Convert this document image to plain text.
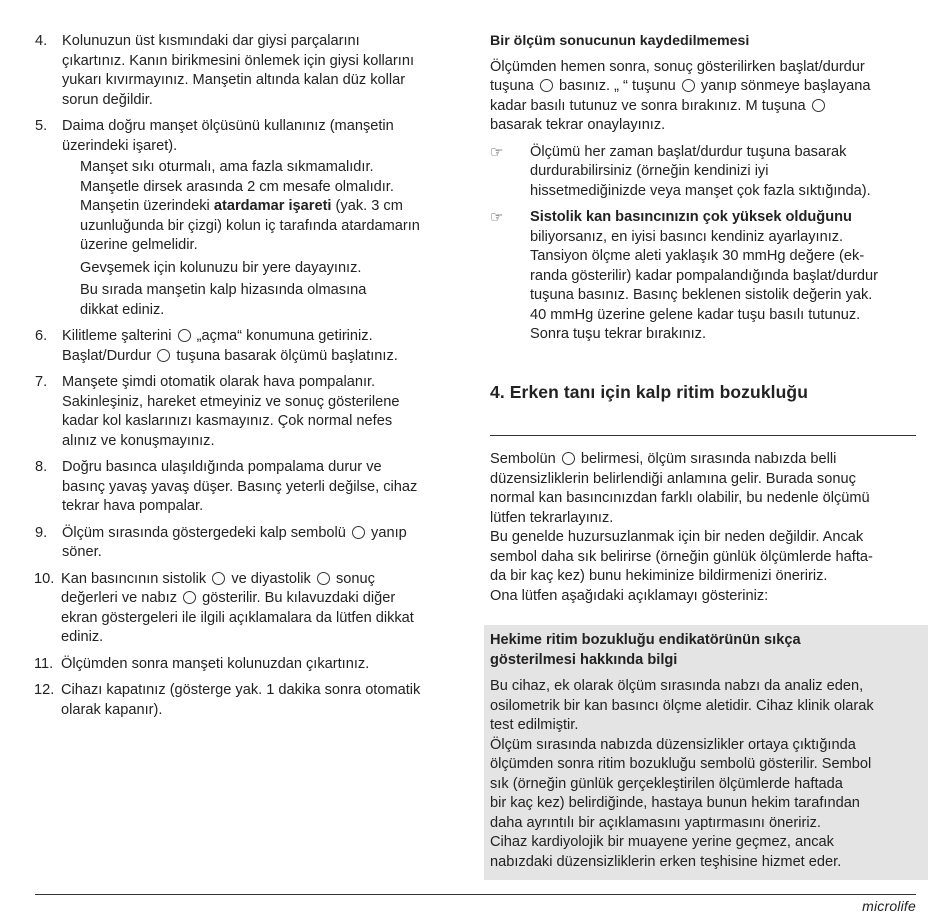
4.	Kolunuzun üst kısmındaki dar giysi parçalarını
çıkartınız. Kanın birikmesini önlemek için giysi kollarını
yukarı kıvırmayınız. Manşetin altında kalan düz kollar
sorun değildir.
5.	Daima doğru manşet ölçüsünü kullanınız (manşetin
üzerindeki işaret).
Manşet sıkı oturmalı, ama fazla sıkmamalıdır.
Manşetle dirsek arasında 2 cm mesafe olmalıdır.
Manşetin üzerindeki atardamar işareti (yak. 3 cm
uzunluğunda bir çizgi) kolun iç tarafında atardamarın
üzerine gelmelidir.
Gevşemek için kolunuzu bir yere dayayınız.
Bu sırada manşetin kalp hizasında olmasına
dikkat ediniz.
6.	Kilitleme şalterini „açma“ konumuna getiriniz.
Başlat/Durdur tuşuna basarak ölçümü başlatınız.
7.	Manşete şimdi otomatik olarak hava pompalanır.
Sakinleşiniz, hareket etmeyiniz ve sonuç gösterilene
kadar kol kaslarınızı kasmayınız. Çok normal nefes
alınız ve konuşmayınız.
8.	Doğru basınca ulaşıldığında pompalama durur ve
basınç yavaş yavaş düşer. Basınç yeterli değilse, cihaz
tekrar hava pompalar.
9.	Ölçüm sırasında göstergedeki kalp sembolü yanıp
söner.
10. Kan basıncının sistolik ve diyastolik sonuç
değerleri ve nabız gösterilir. Bu kılavuzdaki diğer
ekran göstergeleri ile ilgili açıklamalara da lütfen dikkat
ediniz.
11. Ölçümden sonra manşeti kolunuzdan çıkartınız.
12. Cihazı kapatınız (gösterge yak. 1 dakika sonra otomatik
olarak kapanır).
Bir ölçüm sonucunun kaydedilmemesi
Ölçümden hemen sonra, sonuç gösterilirken başlat/durdur
tuşuna basınız. „ “ tuşunu yanıp sönmeye başlayana
kadar basılı tutunuz ve sonra bırakınız. M tuşuna
basarak tekrar onaylayınız.
☞	Ölçümü her zaman başlat/durdur tuşuna basarak
durdurabilirsiniz (örneğin kendinizi iyi
hissetmediğinizde veya manşet çok fazla sıktığında).
☞	Sistolik kan basıncınızın çok yüksek olduğunu
biliyorsanız, en iyisi basıncı kendiniz ayarlayınız.
Tansiyon ölçme aleti yaklaşık 30 mmHg değere (ek-
randa gösterilir) kadar pompalandığında başlat/durdur
tuşuna basınız. Basınç beklenen sistolik değerin yak.
40 mmHg üzerine gelene kadar tuşu basılı tutunuz.
Sonra tuşu tekrar bırakınız.
4. Erken tanı için kalp ritim bozukluğu
Sembolün belirmesi, ölçüm sırasında nabızda belli
düzensizliklerin belirlendiği anlamına gelir. Burada sonuç
normal kan basıncınızdan farklı olabilir, bu nedenle ölçümü
lütfen tekrarlayınız.
Bu genelde huzursuzlanmak için bir neden değildir. Ancak
sembol daha sık belirirse (örneğin günlük ölçümlerde hafta-
da bir kaç kez) bunu hekiminize bildirmenizi öneririz.
Ona lütfen aşağıdaki açıklamayı gösteriniz:
Hekime ritim bozukluğu endikatörünün sıkça
gösterilmesi hakkında bilgi
Bu cihaz, ek olarak ölçüm sırasında nabzı da analiz eden,
osilometrik bir kan basıncı ölçme aletidir. Cihaz klinik olarak
test edilmiştir.
Ölçüm sırasında nabızda düzensizlikler ortaya çıktığında
ölçümden sonra ritim bozukluğu sembolü gösterilir. Sembol
sık (örneğin günlük gerçekleştirilen ölçümlerde haftada
bir kaç kez) belirdiğinde, hastaya bunun hekim tarafından
daha ayrıntılı bir açıklamasını yaptırmasını öneririz.
Cihaz kardiyolojik bir muayene yerine geçmez, ancak
nabızdaki düzensizliklerin erken teşhisine hizmet eder.
microlife
